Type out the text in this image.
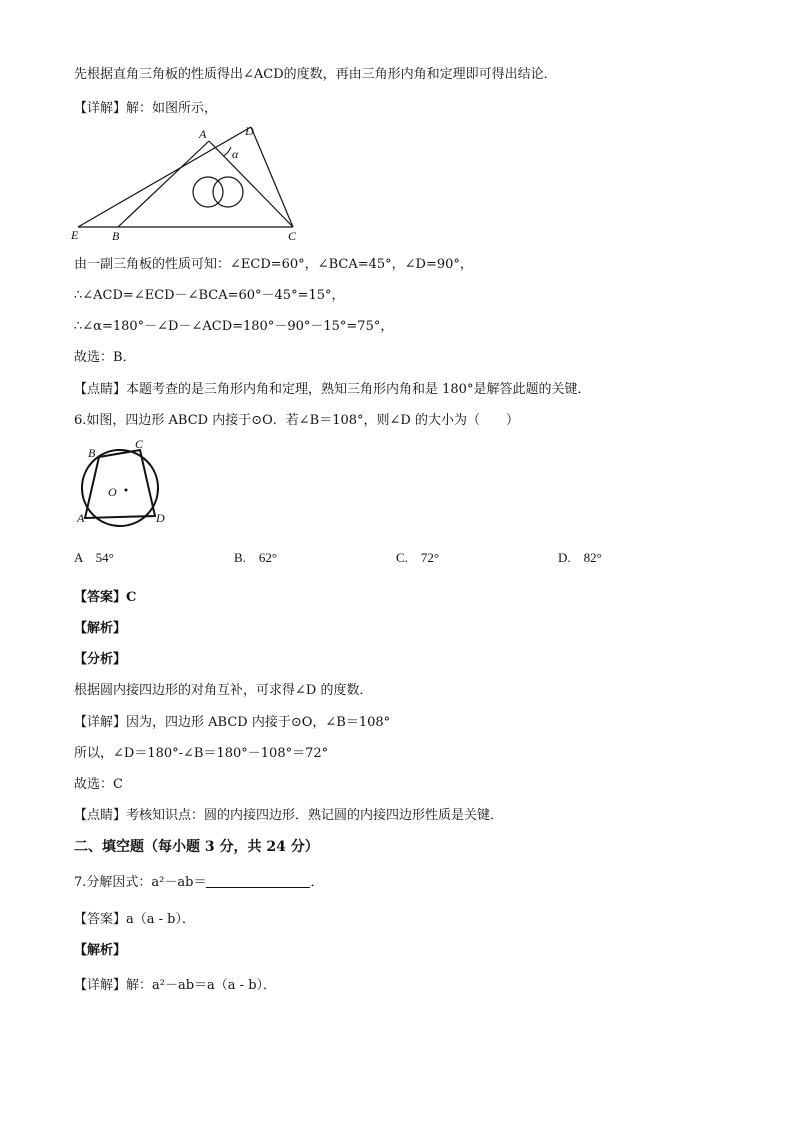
先根据直角三角板的性质得出∠ACD的度数，再由三角形内角和定理即可得出结论．
【详解】解：如图所示，
A	D
α
E	B	C
由一副三角板的性质可知：∠ECD=60°，∠BCA=45°，∠D=90°，
∴∠ACD=∠ECD－∠BCA=60°－45°=15°，
∴∠α=180°－∠D－∠ACD=180°－90°－15°=75°，
故选：B．
【点睛】本题考查的是三角形内角和定理，熟知三角形内角和是 180°是解答此题的关键．
6.如图，四边形 ABCD 内接于⊙O．若∠B＝108°，则∠D 的大小为（　　）
B
C
A	D
O
A　54°	B.　62°	C.　72°	D.　82°
【答案】C
【解析】
【分析】
根据圆内接四边形的对角互补，可求得∠D 的度数．
【详解】因为，四边形 ABCD 内接于⊙O，∠B＝108°
所以，∠D＝180°-∠B＝180°－108°＝72°
故选：C
【点睛】考核知识点：圆的内接四边形．熟记圆的内接四边形性质是关键．
二、填空题（每小题 3 分，共 24 分）
7.分解因式：a²－ab＝	．
【答案】a（a - b）．
【解析】
【详解】解：a²－ab＝a（a - b）．
